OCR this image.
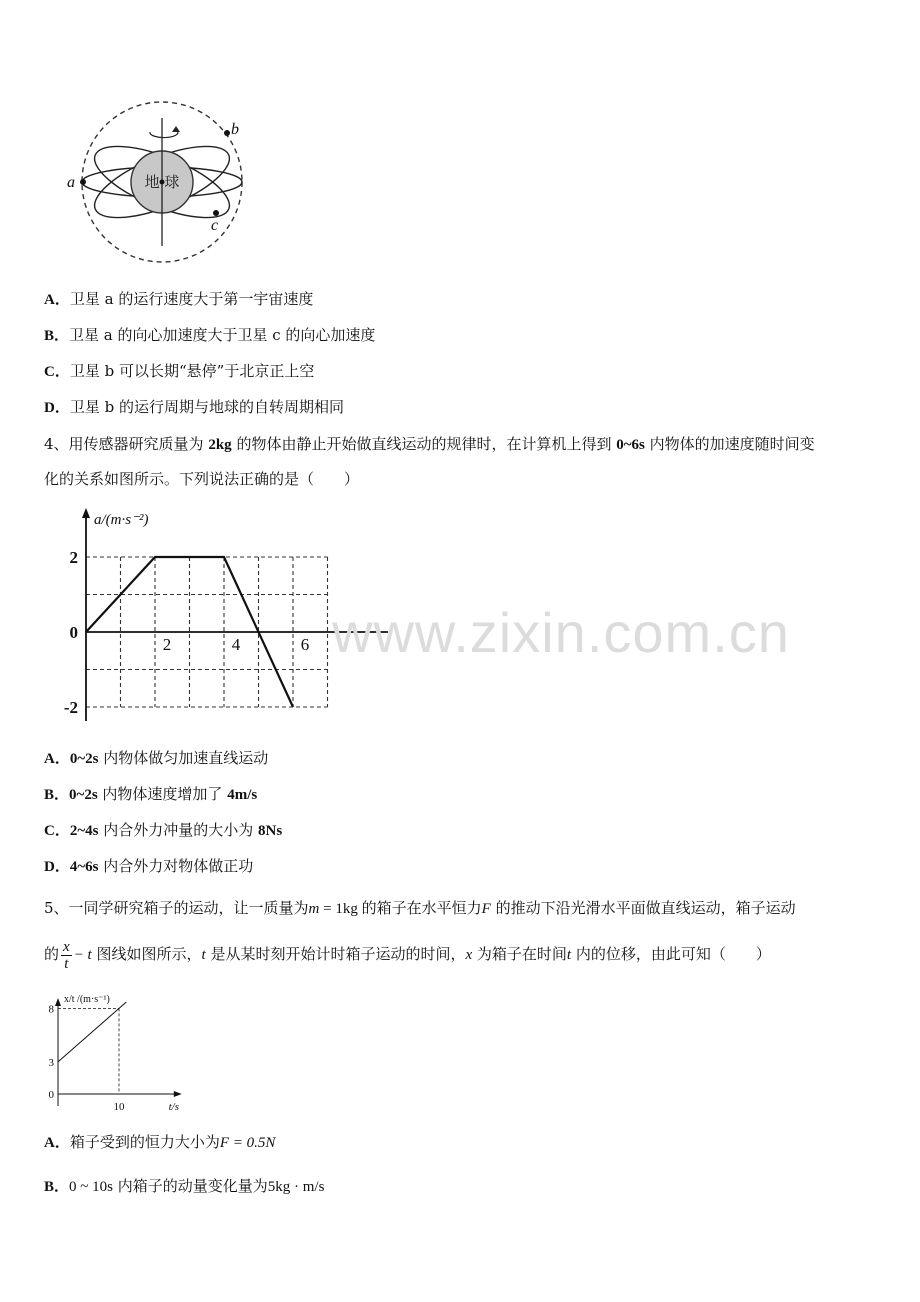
地 球
a
b
c
A．卫星 a 的运行速度大于第一宇宙速度
B．卫星 a 的向心加速度大于卫星 c 的向心加速度
C．卫星 b 可以长期“悬停”于北京正上空
D．卫星 b 的运行周期与地球的自转周期相同
4、用传感器研究质量为 2kg 的物体由静止开始做直线运动的规律时，在计算机上得到 0~6s 内物体的加速度随时间变
化的关系如图所示。下列说法正确的是（　　）
2
0
-2
2	4	6
a/(m·s⁻²)
www.zixin.com.cn
A．0~2s 内物体做匀加速直线运动
B．0~2s 内物体速度增加了 4m/s
C．2~4s 内合外力冲量的大小为 8Ns
D．4~6s 内合外力对物体做正功
5、一同学研究箱子的运动，让一质量为m = 1kg 的箱子在水平恒力F 的推动下沿光滑水平面做直线运动，箱子运动
的 $\frac{x}{t} - t$ 图线如图所示，t 是从某时刻开始计时箱子运动的时间，x 为箱子在时间t 内的位移，由此可知（　　）
8
3
0
10	t/s
x/t /(m·s⁻¹)
A．箱子受到的恒力大小为F = 0.5N
B．0 ~ 10s 内箱子的动量变化量为5kg · m/s
